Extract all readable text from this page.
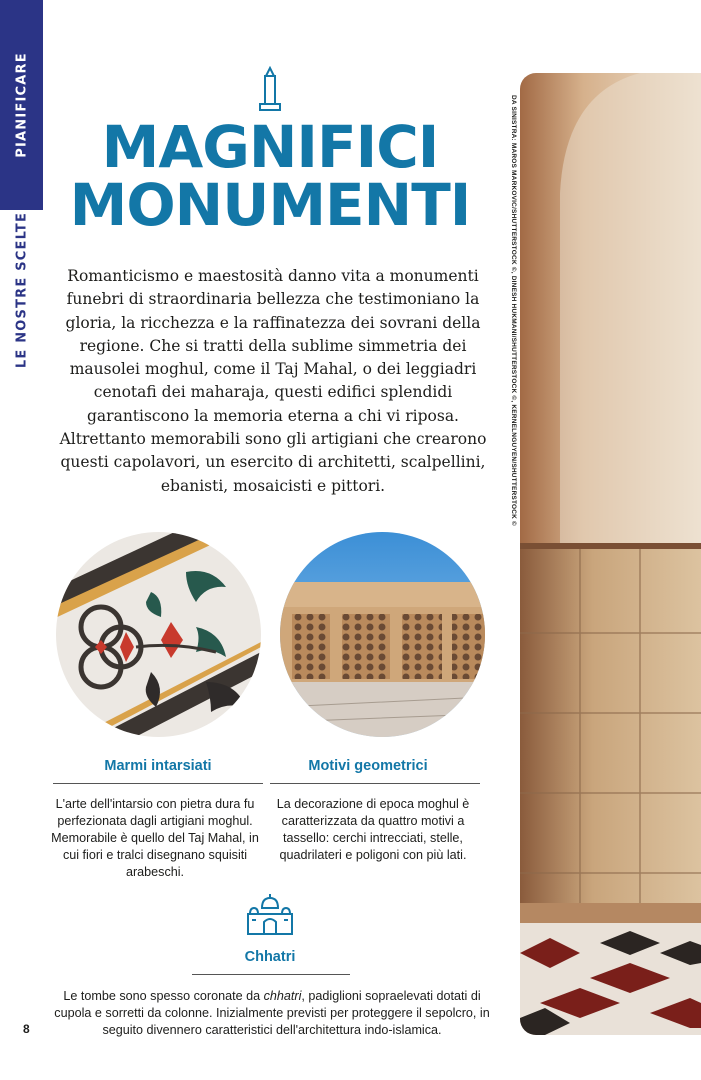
PIANIFICARE
LE NOSTRE SCELTE
MAGNIFICI
MONUMENTI

Romanticismo e maestosità danno vita a monumenti funebri di straordinaria bellezza che testimoniano la gloria, la ricchezza e la raffinatezza dei sovrani della regione. Che si tratti della sublime simmetria dei mausolei moghul, come il Taj Mahal, o dei leggiadri cenotafi dei maharaja, questi edifici splendidi garantiscono la memoria eterna a chi vi riposa. Altrettanto memorabili sono gli artigiani che crearono questi capolavori, un esercito di architetti, scalpellini, ebanisti, mosaicisti e pittori.

Marmi intarsiati

L'arte dell'intarsio con pietra dura fu perfezionata dagli artigiani moghul. Memorabile è quello del Taj Mahal, in cui fiori e tralci disegnano squisiti arabeschi.

Motivi geometrici

La decorazione di epoca moghul è caratterizzata da quattro motivi a tassello: cerchi intrecciati, stelle, quadrilateri e poligoni con più lati.

Chhatri

Le tombe sono spesso coronate da chhatri, padiglioni sopraelevati dotati di cupola e sorretti da colonne. Inizialmente previsti per proteggere il sepolcro, in seguito divennero caratteristici dell'architettura indo-islamica.

8
DA SINISTRA: MAROS MARKOVIC/SHUTTERSTOCK ©, DINESH HUKMANI/SHUTTERSTOCK ©, KERNELNGUYEN/SHUTTERSTOCK ©
